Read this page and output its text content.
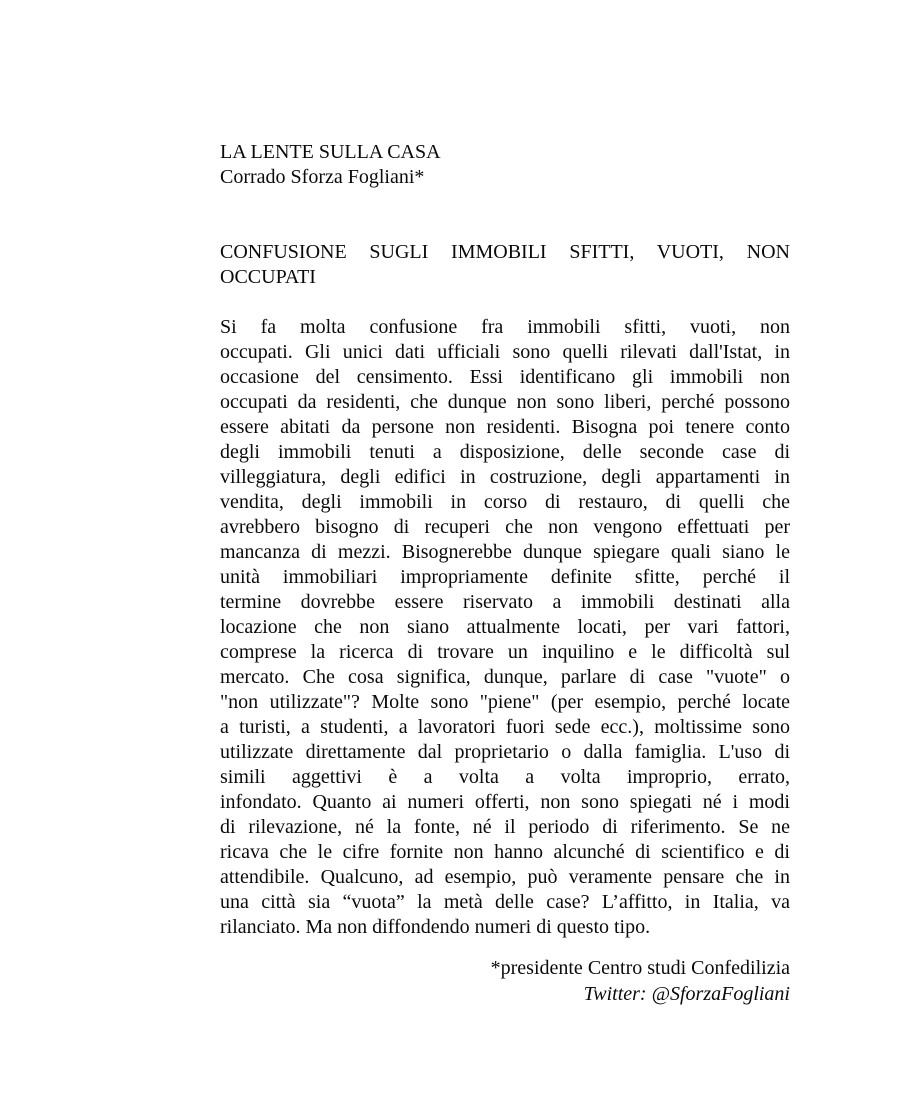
LA LENTE SULLA CASA
Corrado Sforza Fogliani*
CONFUSIONE SUGLI IMMOBILI SFITTI, VUOTI, NON
OCCUPATI
Si fa molta confusione fra immobili sfitti, vuoti, non
occupati. Gli unici dati ufficiali sono quelli rilevati dall'Istat, in
occasione del censimento. Essi identificano gli immobili non
occupati da residenti, che dunque non sono liberi, perché possono
essere abitati da persone non residenti. Bisogna poi tenere conto
degli immobili tenuti a disposizione, delle seconde case di
villeggiatura, degli edifici in costruzione, degli appartamenti in
vendita, degli immobili in corso di restauro, di quelli che
avrebbero bisogno di recuperi che non vengono effettuati per
mancanza di mezzi. Bisognerebbe dunque spiegare quali siano le
unità immobiliari impropriamente definite sfitte, perché il
termine dovrebbe essere riservato a immobili destinati alla
locazione che non siano attualmente locati, per vari fattori,
comprese la ricerca di trovare un inquilino e le difficoltà sul
mercato. Che cosa significa, dunque, parlare di case "vuote" o
"non utilizzate"? Molte sono "piene" (per esempio, perché locate
a turisti, a studenti, a lavoratori fuori sede ecc.), moltissime sono
utilizzate direttamente dal proprietario o dalla famiglia. L'uso di
simili aggettivi è a volta a volta improprio, errato,
infondato. Quanto ai numeri offerti, non sono spiegati né i modi
di rilevazione, né la fonte, né il periodo di riferimento. Se ne
ricava che le cifre fornite non hanno alcunché di scientifico e di
attendibile. Qualcuno, ad esempio, può veramente pensare che in
una città sia “vuota” la metà delle case? L’affitto, in Italia, va
rilanciato. Ma non diffondendo numeri di questo tipo.
*presidente Centro studi Confedilizia
Twitter: @SforzaFogliani
